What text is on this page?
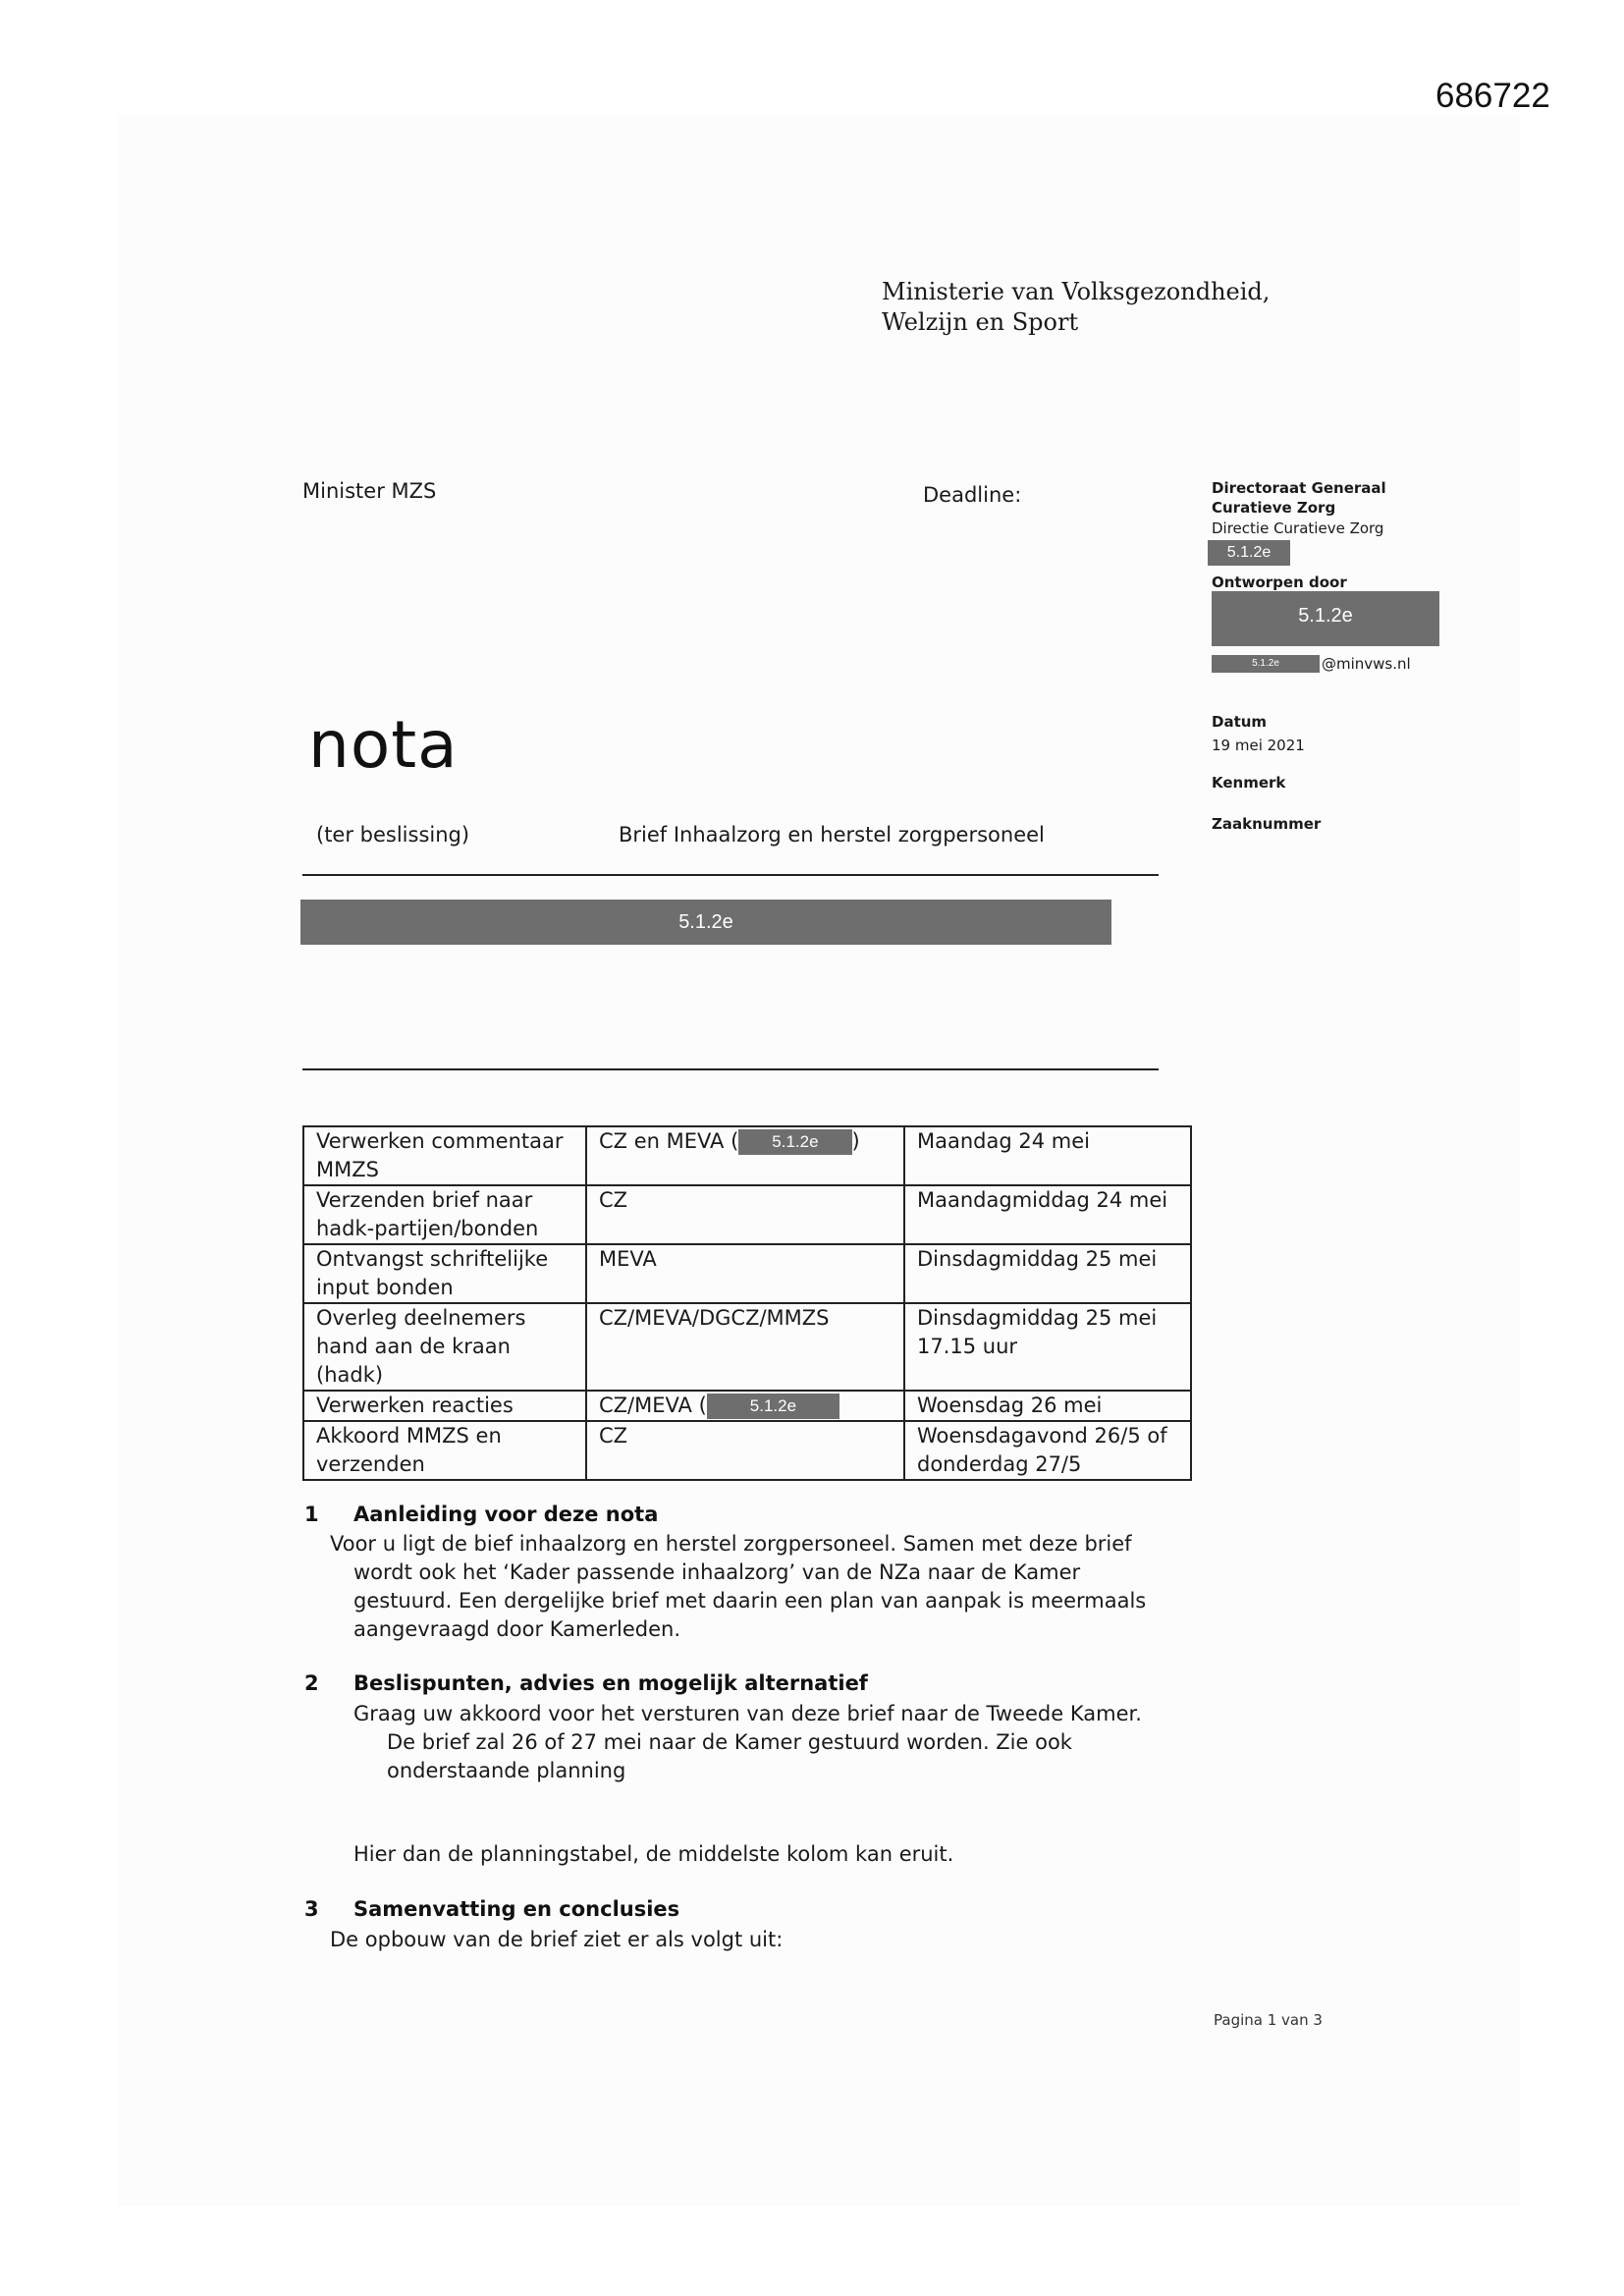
686722
Ministerie van Volksgezondheid,
Welzijn en Sport
Minister MZS	Deadline:	Directoraat Generaal
Curatieve Zorg
Directie Curatieve Zorg
5.1.2e
Ontworpen door
5.1.2e
5.1.2e	@minvws.nl
Datum
19 mei 2021
Kenmerk
Zaaknummer
nota
(ter beslissing)	Brief Inhaalzorg en herstel zorgpersoneel
5.1.2e
Verwerken commentaar MMZS	CZ en MEVA ( 5.1.2e )	Maandag 24 mei
Verzenden brief naar hadk-partijen/bonden	CZ	Maandagmiddag 24 mei
Ontvangst schriftelijke input bonden	MEVA	Dinsdagmiddag 25 mei
Overleg deelnemers hand aan de kraan (hadk)	CZ/MEVA/DGCZ/MMZS	Dinsdagmiddag 25 mei 17.15 uur
Verwerken reacties	CZ/MEVA ( 5.1.2e	Woensdag 26 mei
Akkoord MMZS en verzenden	CZ	Woensdagavond 26/5 of donderdag 27/5
1 Aanleiding voor deze nota
Voor u ligt de bief inhaalzorg en herstel zorgpersoneel. Samen met deze brief
wordt ook het ‘Kader passende inhaalzorg’ van de NZa naar de Kamer
gestuurd. Een dergelijke brief met daarin een plan van aanpak is meermaals
aangevraagd door Kamerleden.
2 Beslispunten, advies en mogelijk alternatief
Graag uw akkoord voor het versturen van deze brief naar de Tweede Kamer.
De brief zal 26 of 27 mei naar de Kamer gestuurd worden. Zie ook
onderstaande planning
Hier dan de planningstabel, de middelste kolom kan eruit.
3 Samenvatting en conclusies
De opbouw van de brief ziet er als volgt uit:
Pagina 1 van 3
